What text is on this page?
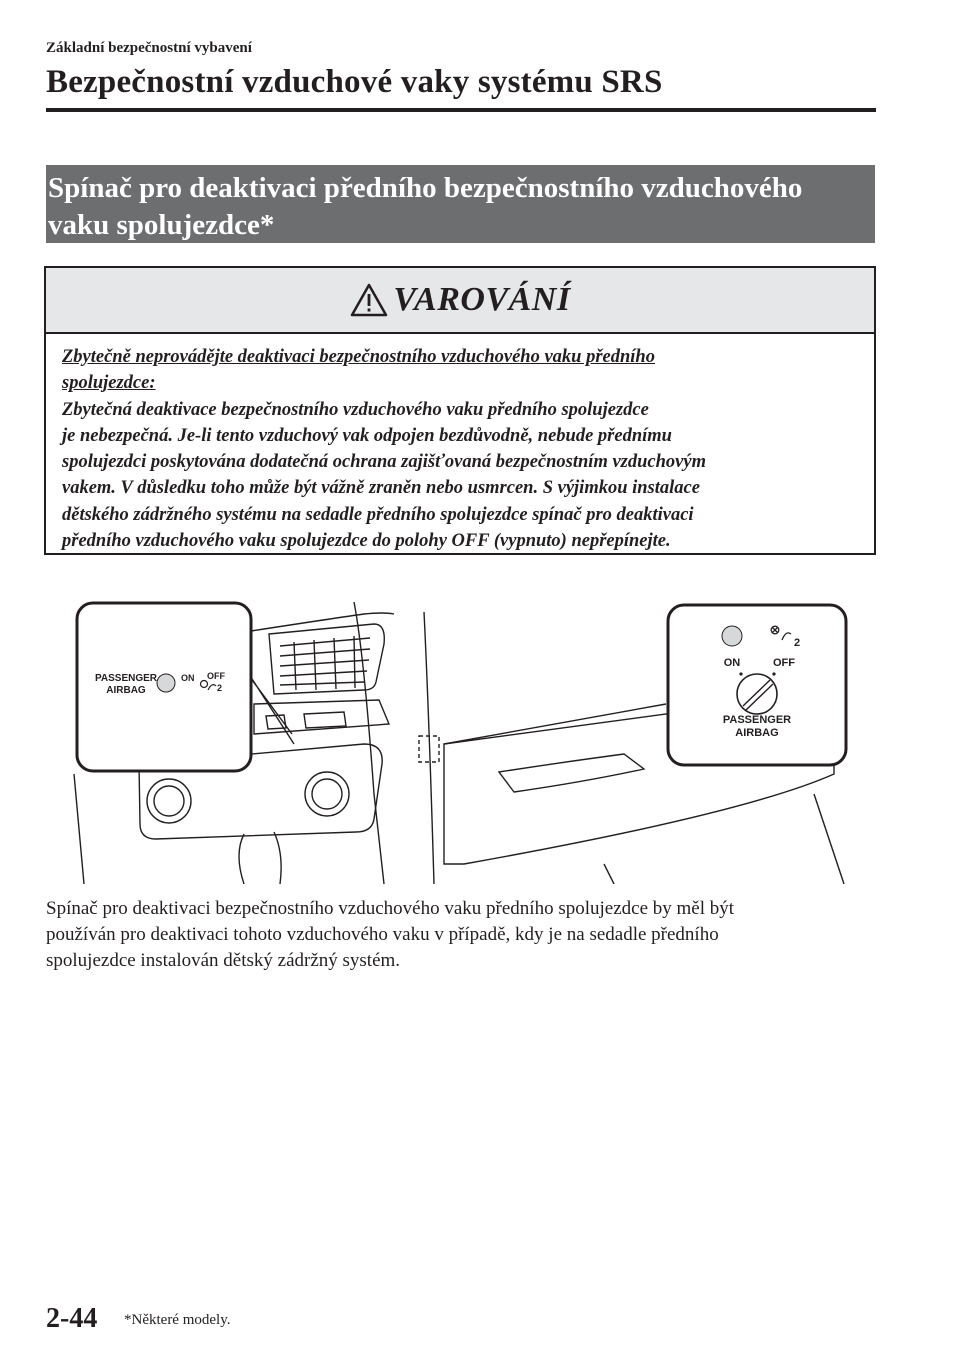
Základní bezpečnostní vybavení
Bezpečnostní vzduchové vaky systému SRS
Spínač pro deaktivaci předního bezpečnostního vzduchového
vaku spolujezdce*
VAROVÁNÍ
Zbytečně neprovádějte deaktivaci bezpečnostního vzduchového vaku předního
spolujezdce:
Zbytečná deaktivace bezpečnostního vzduchového vaku předního spolujezdce
je nebezpečná. Je-li tento vzduchový vak odpojen bezdůvodně, nebude přednímu
spolujezdci poskytována dodatečná ochrana zajišťovaná bezpečnostním vzduchovým
vakem. V důsledku toho může být vážně zraněn nebo usmrcen. S výjimkou instalace
dětského zádržného systému na sedadle předního spolujezdce spínač pro deaktivaci
předního vzduchového vaku spolujezdce do polohy OFF (vypnuto) nepřepínejte.
PASSENGER
AIRBAG
ON OFF
2
2
ON	OFF
PASSENGER
AIRBAG
Spínač pro deaktivaci bezpečnostního vzduchového vaku předního spolujezdce by měl být
používán pro deaktivaci tohoto vzduchového vaku v případě, kdy je na sedadle předního
spolujezdce instalován dětský zádržný systém.
2-44 *Některé modely.
